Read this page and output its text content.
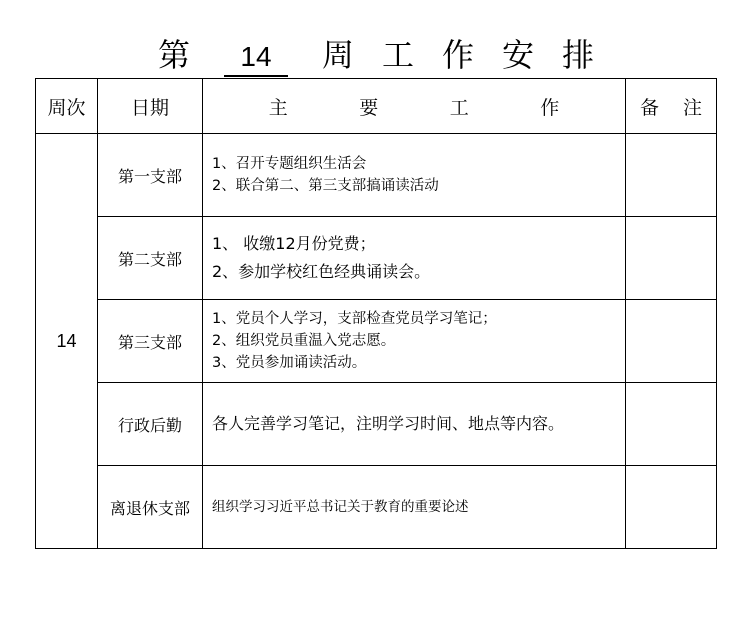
第 14 周 工 作 安 排
周次	日期	主 要 工 作	备 注

14	第一支部	1、召开专题组织生活会
2、联合第二、第三支部搞诵读活动	

	第二支部	1、 收缴12月份党费；
2、参加学校红色经典诵读会。	

	第三支部	1、党员个人学习，支部检查党员学习笔记；
2、组织党员重温入党志愿。
3、党员参加诵读活动。	

	行政后勤	各人完善学习笔记，注明学习时间、地点等内容。	

	离退休支部	组织学习习近平总书记关于教育的重要论述	
